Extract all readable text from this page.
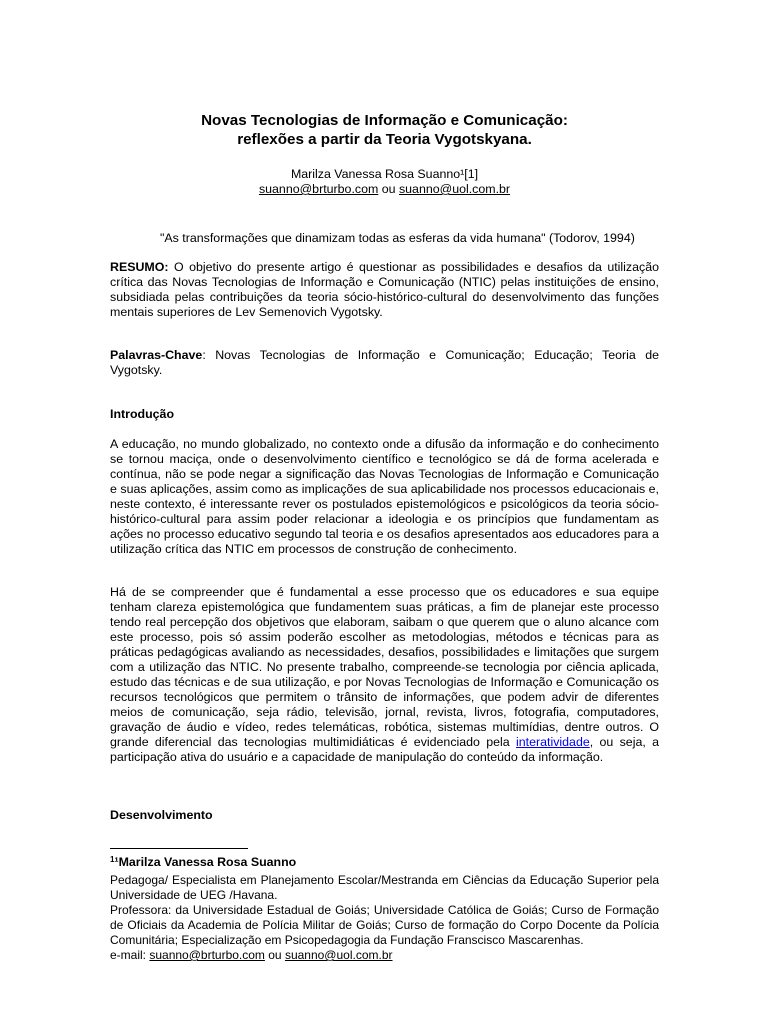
Novas Tecnologias de Informação e Comunicação:
reflexões a partir da Teoria Vygotskyana.
Marilza Vanessa Rosa Suanno¹[1]
suanno@brturbo.com ou suanno@uol.com.br
"As transformações que dinamizam todas as esferas da vida humana" (Todorov, 1994)
RESUMO: O objetivo do presente artigo é questionar as possibilidades e desafios da utilização crítica das Novas Tecnologias de Informação e Comunicação (NTIC) pelas instituições de ensino, subsidiada pelas contribuições da teoria sócio-histórico-cultural do desenvolvimento das funções mentais superiores de Lev Semenovich Vygotsky.
Palavras-Chave: Novas Tecnologias de Informação e Comunicação; Educação; Teoria de Vygotsky.
Introdução
A educação, no mundo globalizado, no contexto onde a difusão da informação e do conhecimento se tornou maciça, onde o desenvolvimento científico e tecnológico se dá de forma acelerada e contínua, não se pode negar a significação das Novas Tecnologias de Informação e Comunicação e suas aplicações, assim como as implicações de sua aplicabilidade nos processos educacionais e, neste contexto, é interessante rever os postulados epistemológicos e psicológicos da teoria sócio-histórico-cultural para assim poder relacionar a ideologia e os princípios que fundamentam as ações no processo educativo segundo tal teoria e os desafios apresentados aos educadores para a utilização crítica das NTIC em processos de construção de conhecimento.
Há de se compreender que é fundamental a esse processo que os educadores e sua equipe tenham clareza epistemológica que fundamentem suas práticas, a fim de planejar este processo tendo real percepção dos objetivos que elaboram, saibam o que querem que o aluno alcance com este processo, pois só assim poderão escolher as metodologias, métodos e técnicas para as práticas pedagógicas avaliando as necessidades, desafios, possibilidades e limitações que surgem com a utilização das NTIC. No presente trabalho, compreende-se tecnologia por ciência aplicada, estudo das técnicas e de sua utilização, e por Novas Tecnologias de Informação e Comunicação os recursos tecnológicos que permitem o trânsito de informações, que podem advir de diferentes meios de comunicação, seja rádio, televisão, jornal, revista, livros, fotografia, computadores, gravação de áudio e vídeo, redes telemáticas, robótica, sistemas multimídias, dentre outros. O grande diferencial das tecnologias multimidiáticas é evidenciado pela interatividade, ou seja, a participação ativa do usuário e a capacidade de manipulação do conteúdo da informação.
Desenvolvimento
$^1$¹Marilza Vanessa Rosa Suanno
Pedagoga/ Especialista em Planejamento Escolar/Mestranda em Ciências da Educação Superior pela Universidade de UEG /Havana.
Professora: da Universidade Estadual de Goiás; Universidade Católica de Goiás; Curso de Formação de Oficiais da Academia de Polícia Militar de Goiás; Curso de formação do Corpo Docente da Polícia Comunitária; Especialização em Psicopedagogia da Fundação Franscisco Mascarenhas.
e-mail: suanno@brturbo.com ou suanno@uol.com.br
